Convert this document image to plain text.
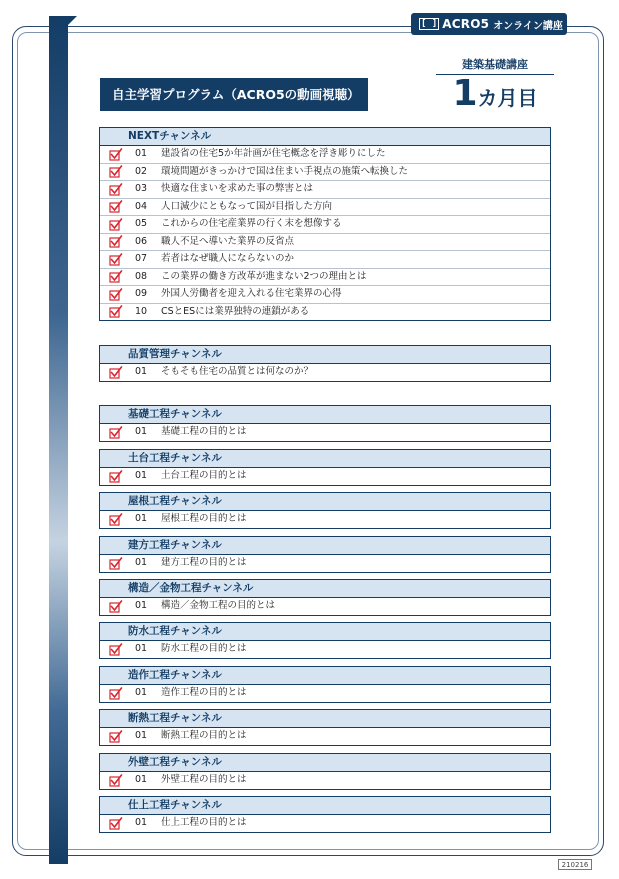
[ ] ACRO5 オンライン講座
建築基礎講座
1カ月目
自主学習プログラム（ACRO5の動画視聴）
NEXTチャンネル
01	建設省の住宅5か年計画が住宅概念を浮き彫りにした
02	環境問題がきっかけで国は住まい手視点の施策へ転換した
03	快適な住まいを求めた事の弊害とは
04	人口減少にともなって国が目指した方向
05	これからの住宅産業界の行く末を想像する
06	職人不足へ導いた業界の反省点
07	若者はなぜ職人にならないのか
08	この業界の働き方改革が進まない2つの理由とは
09	外国人労働者を迎え入れる住宅業界の心得
10	CSとESには業界独特の連鎖がある
品質管理チャンネル
01	そもそも住宅の品質とは何なのか？
基礎工程チャンネル
01	基礎工程の目的とは
土台工程チャンネル
01	土台工程の目的とは
屋根工程チャンネル
01	屋根工程の目的とは
建方工程チャンネル
01	建方工程の目的とは
構造／金物工程チャンネル
01	構造／金物工程の目的とは
防水工程チャンネル
01	防水工程の目的とは
造作工程チャンネル
01	造作工程の目的とは
断熱工程チャンネル
01	断熱工程の目的とは
外壁工程チャンネル
01	外壁工程の目的とは
仕上工程チャンネル
01	仕上工程の目的とは
210216
